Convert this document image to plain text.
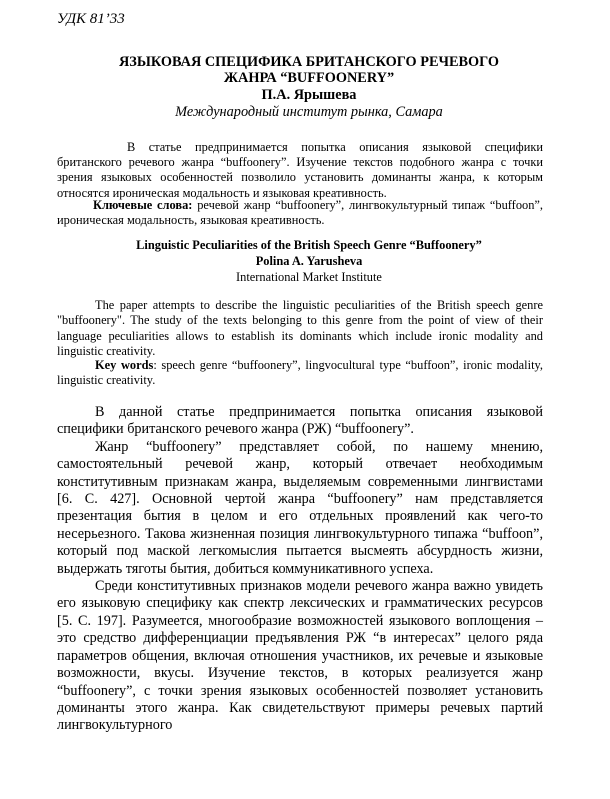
УДК 81’33
ЯЗЫКОВАЯ СПЕЦИФИКА БРИТАНСКОГО РЕЧЕВОГО
ЖАНРА “BUFFOONERY”
П.А. Ярышева
Международный институт рынка, Самара

В статье предпринимается попытка описания языковой специфики британского речевого жанра “buffoonery”. Изучение текстов подобного жанра с точки зрения языковых особенностей позволило установить доминанты жанра, к которым относятся ироническая модальность и языковая креативность.

Ключевые слова: речевой жанр “buffoonery”, лингвокультурный типаж “buffoon”, ироническая модальность, языковая креативность.

Linguistic Peculiarities of the British Speech Genre “Buffoonery”
Polina A. Yarusheva
International Market Institute

The paper attempts to describe the linguistic peculiarities of the British speech genre "buffoonery". The study of the texts belonging to this genre from the point of view of their language peculiarities allows to establish its dominants which include ironic modality and linguistic creativity.

Key words: speech genre “buffoonery”, lingvocultural type “buffoon”, ironic modality, linguistic creativity.

В данной статье предпринимается попытка описания языковой специфики британского речевого жанра (РЖ) “buffoonery”.

Жанр “buffoonery” представляет собой, по нашему мнению, самостоятельный речевой жанр, который отвечает необходимым конститутивным признакам жанра, выделяемым современными лингвистами [6. С. 427]. Основной чертой жанра “buffoonery” нам представляется презентация бытия в целом и его отдельных проявлений как чего-то несерьезного. Такова жизненная позиция лингвокультурного типажа “buffoon”, который под маской легкомыслия пытается высмеять абсурдность жизни, выдержать тяготы бытия, добиться коммуникативного успеха.

Среди конститутивных признаков модели речевого жанра важно увидеть его языковую специфику как спектр лексических и грамматических ресурсов [5. С. 197]. Разумеется, многообразие возможностей языкового воплощения – это средство дифференциации предъявления РЖ “в интересах” целого ряда параметров общения, включая отношения участников, их речевые и языковые возможности, вкусы. Изучение текстов, в которых реализуется жанр “buffoonery”, с точки зрения языковых особенностей позволяет установить доминанты этого жанра. Как свидетельствуют примеры речевых партий лингвокультурного
